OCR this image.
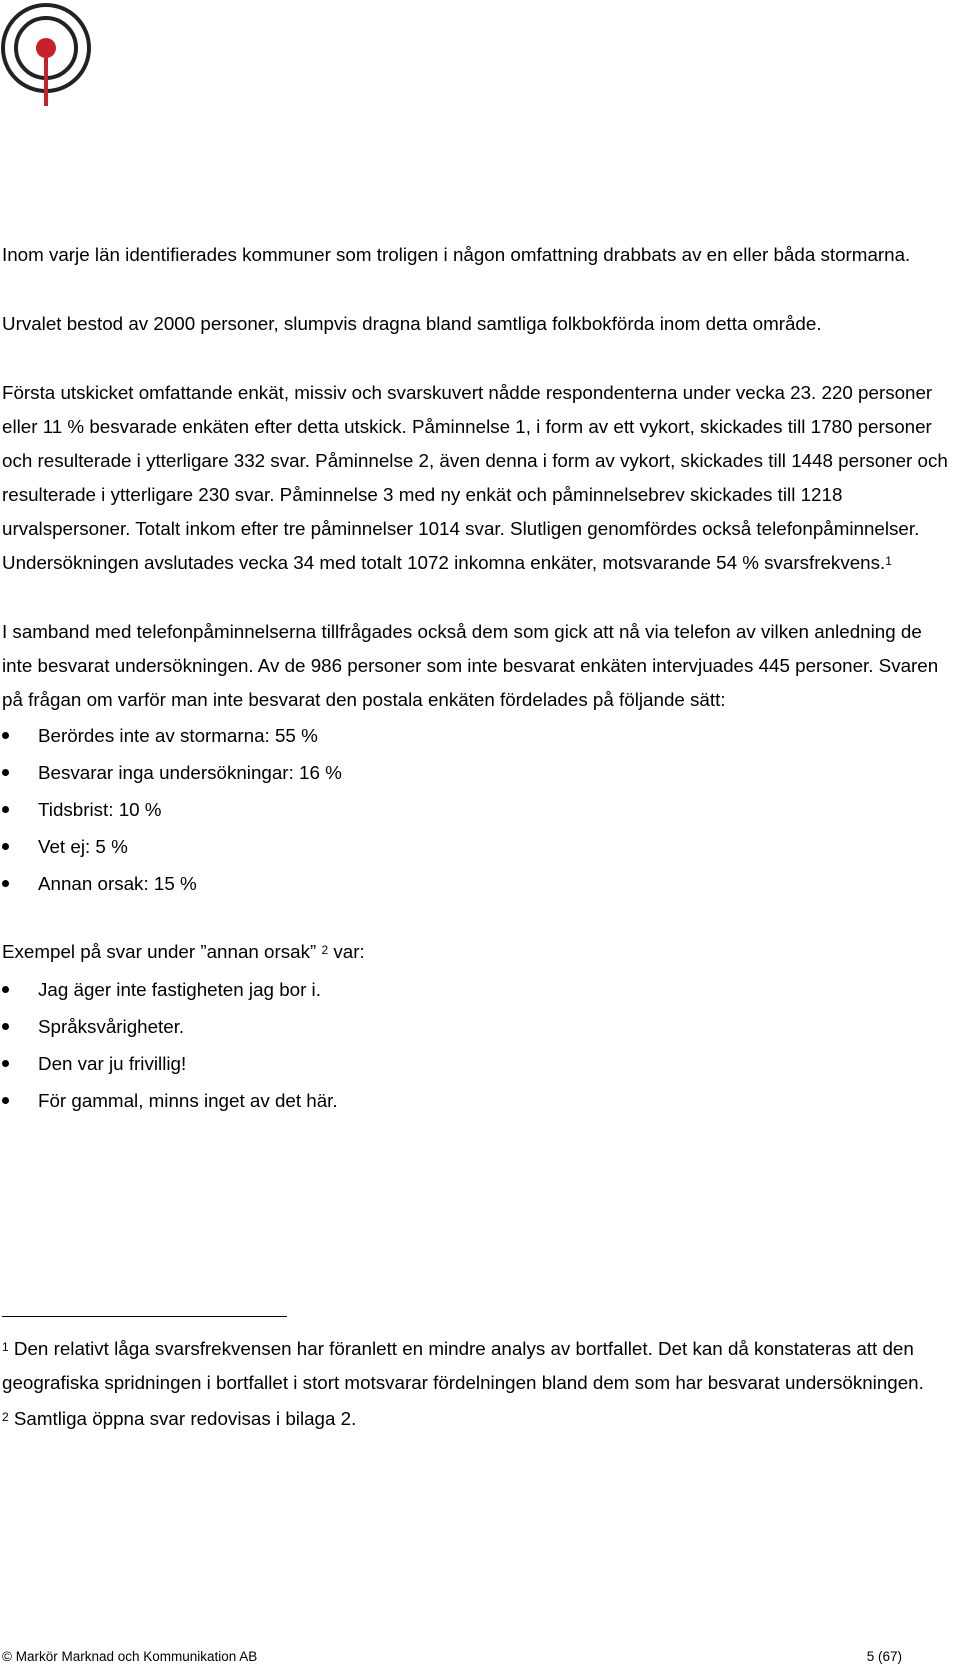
Inom varje län identifierades kommuner som troligen i någon omfattning drabbats av en eller båda stormarna.

Urvalet bestod av 2000 personer, slumpvis dragna bland samtliga folkbokförda inom detta område.

Första utskicket omfattande enkät, missiv och svarskuvert nådde respondenterna under vecka 23. 220 personer eller 11 % besvarade enkäten efter detta utskick. Påminnelse 1, i form av ett vykort, skickades till 1780 personer och resulterade i ytterligare 332 svar. Påminnelse 2, även denna i form av vykort, skickades till 1448 personer och resulterade i ytterligare 230 svar. Påminnelse 3 med ny enkät och påminnelsebrev skickades till 1218 urvalspersoner. Totalt inkom efter tre påminnelser 1014 svar. Slutligen genomfördes också telefonpåminnelser. Undersökningen avslutades vecka 34 med totalt 1072 inkomna enkäter, motsvarande 54 % svarsfrekvens.$^1$

I samband med telefonpåminnelserna tillfrågades också dem som gick att nå via telefon av vilken anledning de inte besvarat undersökningen. Av de 986 personer som inte besvarat enkäten intervjuades 445 personer. Svaren på frågan om varför man inte besvarat den postala enkäten fördelades på följande sätt:

Berördes inte av stormarna: 55 %
Besvarar inga undersökningar: 16 %
Tidsbrist: 10 %
Vet ej: 5 %
Annan orsak: 15 %

Exempel på svar under ”annan orsak” $^2$ var:

Jag äger inte fastigheten jag bor i.
Språksvårigheter.
Den var ju frivillig!
För gammal, minns inget av det här.

$^1$ Den relativt låga svarsfrekvensen har föranlett en mindre analys av bortfallet. Det kan då konstateras att den geografiska spridningen i bortfallet i stort motsvarar fördelningen bland dem som har besvarat undersökningen.

$^2$ Samtliga öppna svar redovisas i bilaga 2.

© Markör Marknad och Kommunikation AB	5 (67)
